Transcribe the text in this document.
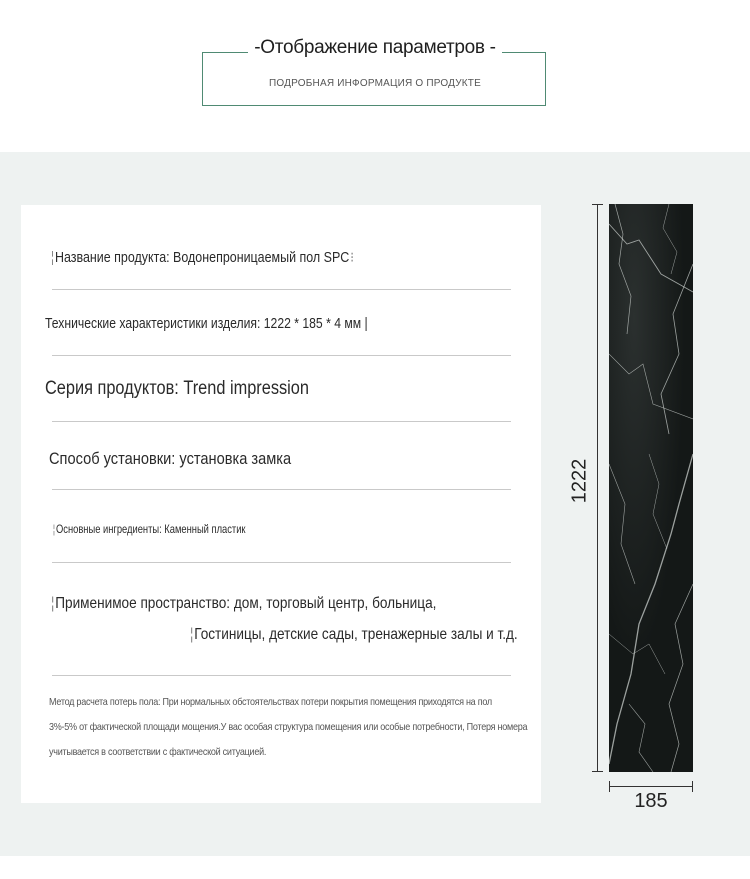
-Отображение параметров -
ПОДРОБНАЯ ИНФОРМАЦИЯ О ПРОДУКТЕ
¦Название продукта: Водонепроницаемый пол SPC⁝
Технические характеристики изделия: 1222 * 185 * 4 мм |
Серия продуктов: Trend impression
Способ установки: установка замка
¦Основные ингредиенты: Каменный пластик
¦Применимое пространство: дом, торговый центр, больница,
¦Гостиницы, детские сады, тренажерные залы и т.д.
Метод расчета потерь пола: При нормальных обстоятельствах потери покрытия помещения приходятся на пол
3%-5% от фактической площади мощения.У вас особая структура помещения или особые потребности, Потеря номера
учитывается в соответствии с фактической ситуацией.
1222
185
